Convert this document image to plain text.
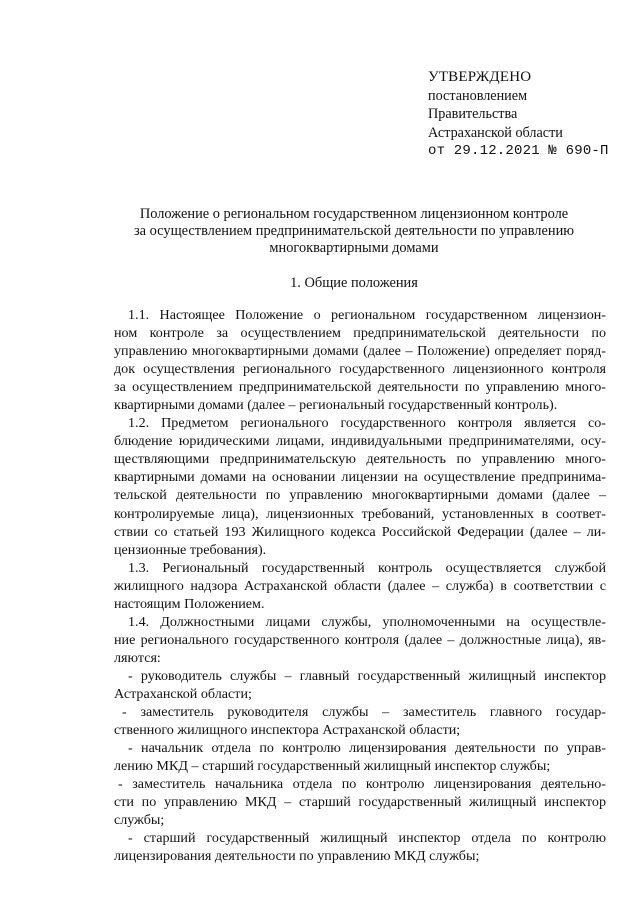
УТВЕРЖДЕНО
постановлением
Правительства
Астраханской области
от 29.12.2021 № 690-П
Положение о региональном государственном лицензионном контроле
за осуществлением предпринимательской деятельности по управлению
многоквартирными домами
1. Общие положения
1.1. Настоящее Положение о региональном государственном лицензион-
ном контроле за осуществлением предпринимательской деятельности по
управлению многоквартирными домами (далее – Положение) определяет поряд-
док осуществления регионального государственного лицензионного контроля
за осуществлением предпринимательской деятельности по управлению много-
квартирными домами (далее – региональный государственный контроль).
1.2. Предметом регионального государственного контроля является со-
блюдение юридическими лицами, индивидуальными предпринимателями, осу-
ществляющими предпринимательскую деятельность по управлению много-
квартирными домами на основании лицензии на осуществление предпринима-
тельской деятельности по управлению многоквартирными домами (далее –
контролируемые лица), лицензионных требований, установленных в соответ-
ствии со статьей 193 Жилищного кодекса Российской Федерации (далее – ли-
цензионные требования).
1.3. Региональный государственный контроль осуществляется службой
жилищного надзора Астраханской области (далее – служба) в соответствии с
настоящим Положением.
1.4. Должностными лицами службы, уполномоченными на осуществле-
ние регионального государственного контроля (далее – должностные лица), яв-
ляются:
- руководитель службы – главный государственный жилищный инспектор
Астраханской области;
- заместитель руководителя службы – заместитель главного государ-
ственного жилищного инспектора Астраханской области;
- начальник отдела по контролю лицензирования деятельности по управ-
лению МКД – старший государственный жилищный инспектор службы;
- заместитель начальника отдела по контролю лицензирования деятельно-
сти по управлению МКД – старший государственный жилищный инспектор
службы;
- старший государственный жилищный инспектор отдела по контролю
лицензирования деятельности по управлению МКД службы;
